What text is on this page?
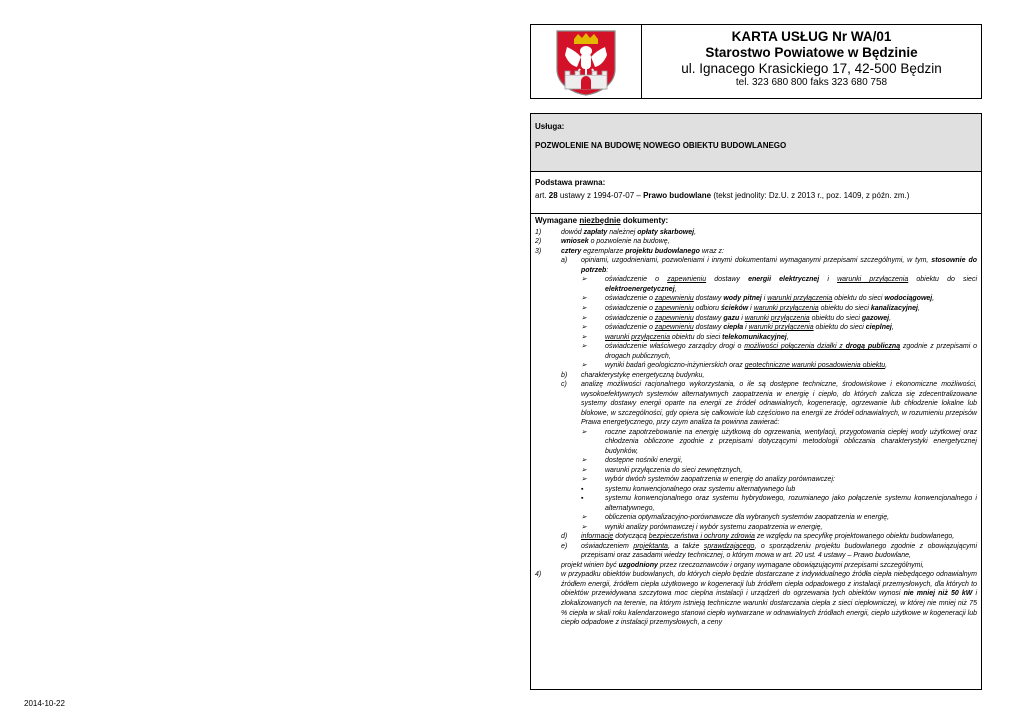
2014-10-22
KARTA USŁUG Nr WA/01
Starostwo Powiatowe w Będzinie
ul. Ignacego Krasickiego 17, 42-500 Będzin
tel. 323 680 800 faks 323 680 758
Usługa:
POZWOLENIE NA BUDOWĘ NOWEGO OBIEKTU BUDOWLANEGO
Podstawa prawna:
art. 28 ustawy z 1994-07-07 – Prawo budowlane (tekst jednolity: Dz.U. z 2013 r., poz. 1409, z późn. zm.)
Wymagane niezbędnie dokumenty:
1)	dowód zapłaty należnej opłaty skarbowej,
2)	wniosek o pozwolenie na budowę,
3)	cztery egzemplarze projektu budowlanego wraz z:
a)	opiniami, uzgodnieniami, pozwoleniami i innymi dokumentami wymaganymi przepisami szczególnymi, w tym, stosownie do potrzeb:
➢	oświadczenie o zapewnieniu dostawy energii elektrycznej i warunki przyłączenia obiektu do sieci elektroenergetycznej,
➢	oświadczenie o zapewnieniu dostawy wody pitnej i warunki przyłączenia obiektu do sieci wodociągowej,
➢	oświadczenie o zapewnieniu odbioru ścieków i warunki przyłączenia obiektu do sieci kanalizacyjnej,
➢	oświadczenie o zapewnieniu dostawy gazu i warunki przyłączenia obiektu do sieci gazowej,
➢	oświadczenie o zapewnieniu dostawy ciepła i warunki przyłączenia obiektu do sieci cieplnej,
➢	warunki przyłączenia obiektu do sieci telekomunikacyjnej,
➢	oświadczenie właściwego zarządcy drogi o możliwości połączenia działki z drogą publiczną zgodnie z przepisami o drogach publicznych,
➢	wyniki badań geologiczno-inżynierskich oraz geotechniczne warunki posadowienia obiektu,
b)	charakterystykę energetyczną budynku,
c)	analizę możliwości racjonalnego wykorzystania, o ile są dostępne techniczne, środowiskowe i ekonomiczne możliwości, wysokoefektywnych systemów alternatywnych zaopatrzenia w energię i ciepło, do których zalicza się zdecentralizowane systemy dostawy energii oparte na energii ze źródeł odnawialnych, kogenerację, ogrzewanie lub chłodzenie lokalne lub blokowe, w szczególności, gdy opiera się całkowicie lub częściowo na energii ze źródeł odnawialnych, w rozumieniu przepisów Prawa energetycznego, przy czym analiza ta powinna zawierać:
➢	roczne zapotrzebowanie na energię użytkową do ogrzewania, wentylacji, przygotowania ciepłej wody użytkowej oraz chłodzenia obliczone zgodnie z przepisami dotyczącymi metodologii obliczania charakterystyki energetycznej budynków,
➢	dostępne nośniki energii,
➢	warunki przyłączenia do sieci zewnętrznych,
➢	wybór dwóch systemów zaopatrzenia w energię do analizy porównawczej:
▪	systemu konwencjonalnego oraz systemu alternatywnego lub
▪	systemu konwencjonalnego oraz systemu hybrydowego, rozumianego jako połączenie systemu konwencjonalnego i alternatywnego,
➢	obliczenia optymalizacyjno-porównawcze dla wybranych systemów zaopatrzenia w energię,
➢	wyniki analizy porównawczej i wybór systemu zaopatrzenia w energię,
d)	informację dotyczącą bezpieczeństwa i ochrony zdrowia ze względu na specyfikę projektowanego obiektu budowlanego,
e)	oświadczeniem projektanta, a także sprawdzającego, o sporządzeniu projektu budowlanego zgodnie z obowiązującymi przepisami oraz zasadami wiedzy technicznej, o którym mowa w art. 20 ust. 4 ustawy – Prawo budowlane,
projekt winien być uzgodniony przez rzeczoznawców i organy wymagane obowiązującymi przepisami szczególnymi,
4)	w przypadku obiektów budowlanych, do których ciepło będzie dostarczane z indywidualnego źródła ciepła niebędącego odnawialnym źródłem energii, źródłem ciepła użytkowego w kogeneracji lub źródłem ciepła odpadowego z instalacji przemysłowych, dla których to obiektów przewidywana szczytowa moc cieplna instalacji i urządzeń do ogrzewania tych obiektów wynosi nie mniej niż 50 kW i zlokalizowanych na terenie, na którym istnieją techniczne warunki dostarczania ciepła z sieci ciepłowniczej, w której nie mniej niż 75 % ciepła w skali roku kalendarzowego stanowi ciepło wytwarzane w odnawialnych źródłach energii, ciepło użytkowe w kogeneracji lub ciepło odpadowe z instalacji przemysłowych, a ceny
